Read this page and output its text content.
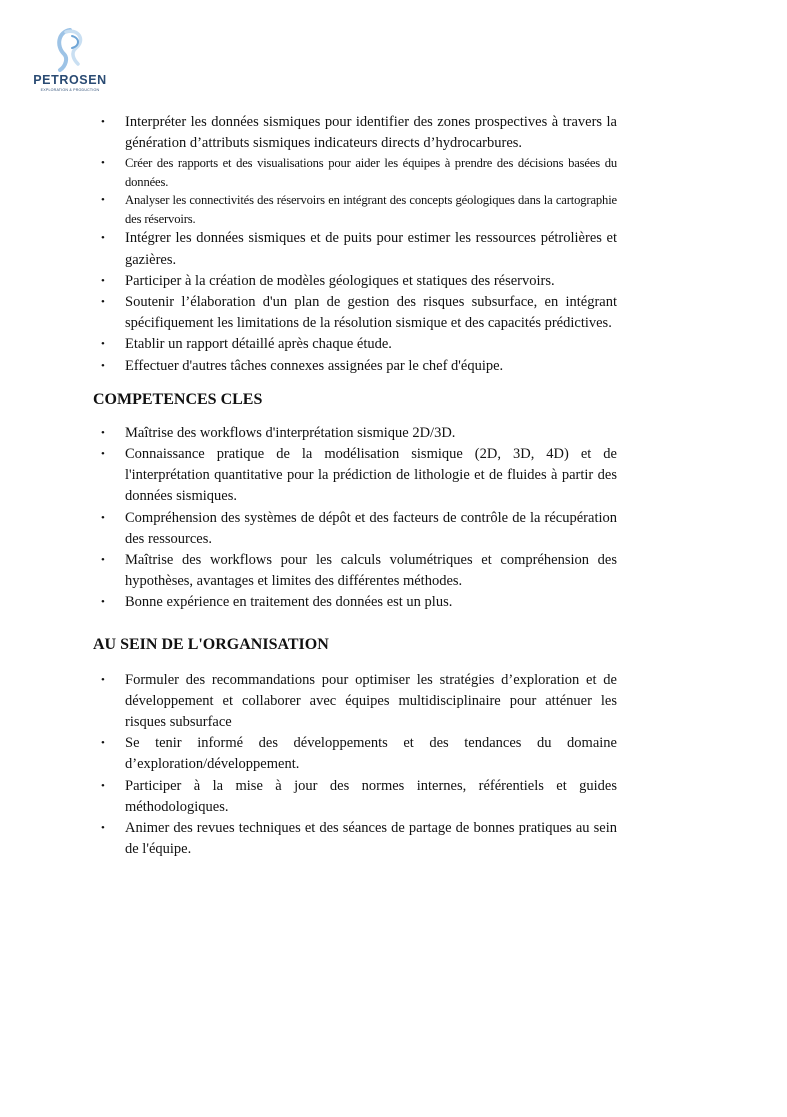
PETROSEN
EXPLORATION & PRODUCTION
• Interpréter les données sismiques pour identifier des zones prospectives à travers la génération d’attributs sismiques indicateurs directs d’hydrocarbures.
• Créer des rapports et des visualisations pour aider les équipes à prendre des décisions basées du données.
• Analyser les connectivités des réservoirs en intégrant des concepts géologiques dans la cartographie des réservoirs.
• Intégrer les données sismiques et de puits pour estimer les ressources pétrolières et gazières.
• Participer à la création de modèles géologiques et statiques des réservoirs.
• Soutenir l’élaboration d'un plan de gestion des risques subsurface, en intégrant spécifiquement les limitations de la résolution sismique et des capacités prédictives.
• Etablir un rapport détaillé après chaque étude.
• Effectuer d'autres tâches connexes assignées par le chef d'équipe.
COMPETENCES CLES
• Maîtrise des workflows d'interprétation sismique 2D/3D.
• Connaissance pratique de la modélisation sismique (2D, 3D, 4D) et de l'interprétation quantitative pour la prédiction de lithologie et de fluides à partir des données sismiques.
• Compréhension des systèmes de dépôt et des facteurs de contrôle de la récupération des ressources.
• Maîtrise des workflows pour les calculs volumétriques et compréhension des hypothèses, avantages et limites des différentes méthodes.
• Bonne expérience en traitement des données est un plus.
AU SEIN DE L'ORGANISATION
• Formuler des recommandations pour optimiser les stratégies d’exploration et de développement et collaborer avec équipes multidisciplinaire pour atténuer les risques subsurface
• Se tenir informé des développements et des tendances du domaine d’exploration/développement.
• Participer à la mise à jour des normes internes, référentiels et guides méthodologiques.
• Animer des revues techniques et des séances de partage de bonnes pratiques au sein de l'équipe.
